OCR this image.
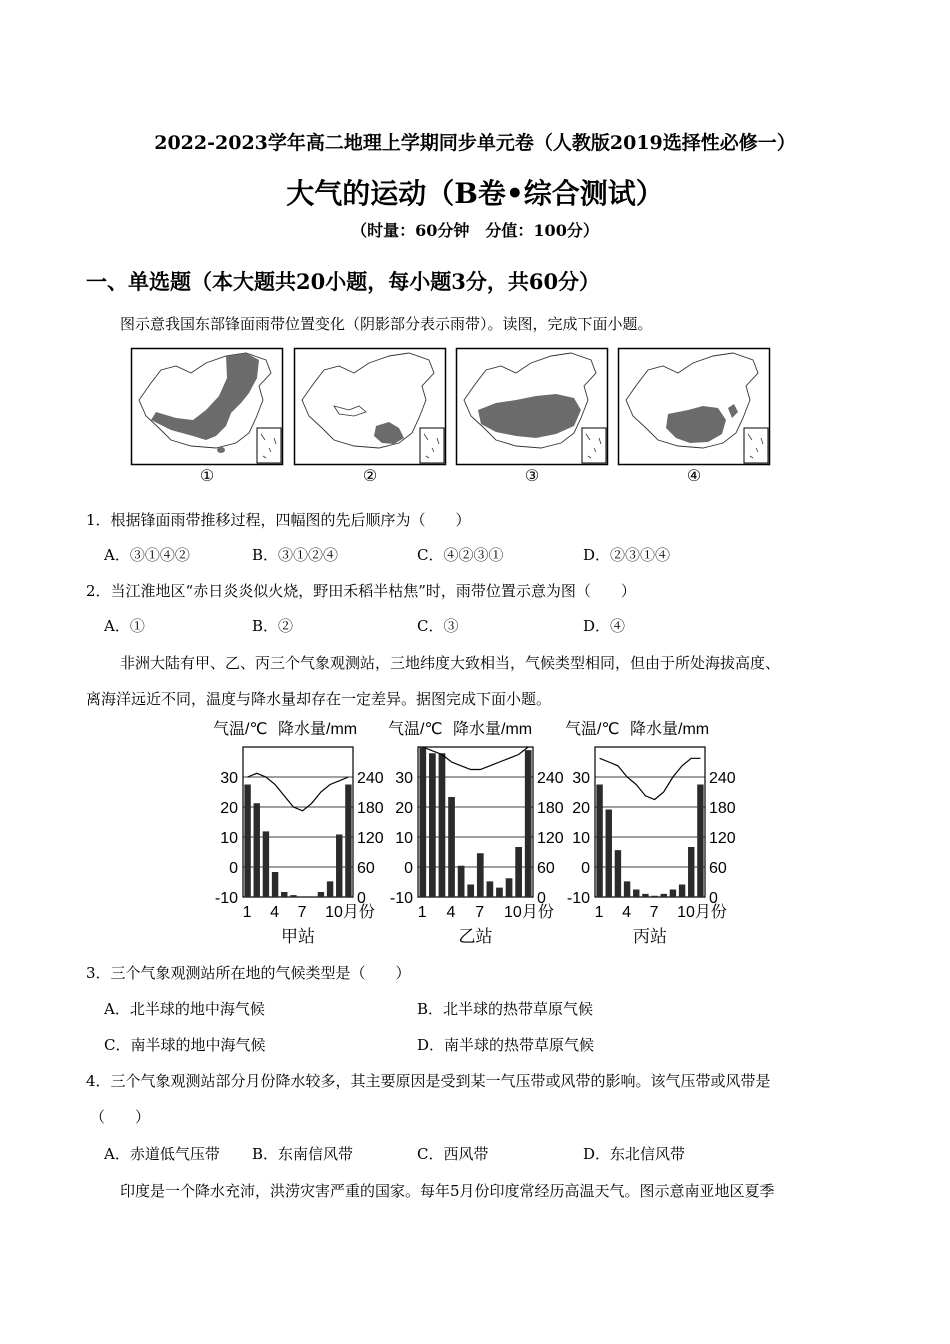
2022-2023学年高二地理上学期同步单元卷（人教版2019选择性必修一）
大气的运动（B卷•综合测试）
（时量：60分钟　分值：100分）
一、单选题（本大题共20小题，每小题3分，共60分）
图示意我国东部锋面雨带位置变化（阴影部分表示雨带）。读图，完成下面小题。
①	②	③	④
1．根据锋面雨带推移过程，四幅图的先后顺序为（　　）
A．③①④②	B．③①②④	C．④②③①	D．②③①④
2．当江淮地区“赤日炎炎似火烧，野田禾稻半枯焦”时，雨带位置示意为图（　　）
A．①	B．②	C．③	D．④
非洲大陆有甲、乙、丙三个气象观测站，三地纬度大致相当，气候类型相同，但由于所处海拔高度、
离海洋远近不同，温度与降水量却存在一定差异。据图完成下面小题。
气温/℃ 降水量/mm
30
20
10
0
-10
240
180
120
60
0
1 4 7 10月份
甲站
气温/℃ 降水量/mm
30
20
10
0
-10
240
180
120
60
0
1 4 7 10月份
乙站
气温/℃ 降水量/mm
30
20
10
0
-10
240
180
120
60
0
1 4 7 10月份
丙站
3．三个气象观测站所在地的气候类型是（　　）
A．北半球的地中海气候	B．北半球的热带草原气候
C．南半球的地中海气候	D．南半球的热带草原气候
4．三个气象观测站部分月份降水较多，其主要原因是受到某一气压带或风带的影响。该气压带或风带是
（　　）
A．赤道低气压带 B．东南信风带	C．西风带	D．东北信风带
印度是一个降水充沛，洪涝灾害严重的国家。每年5月份印度常经历高温天气。图示意南亚地区夏季
